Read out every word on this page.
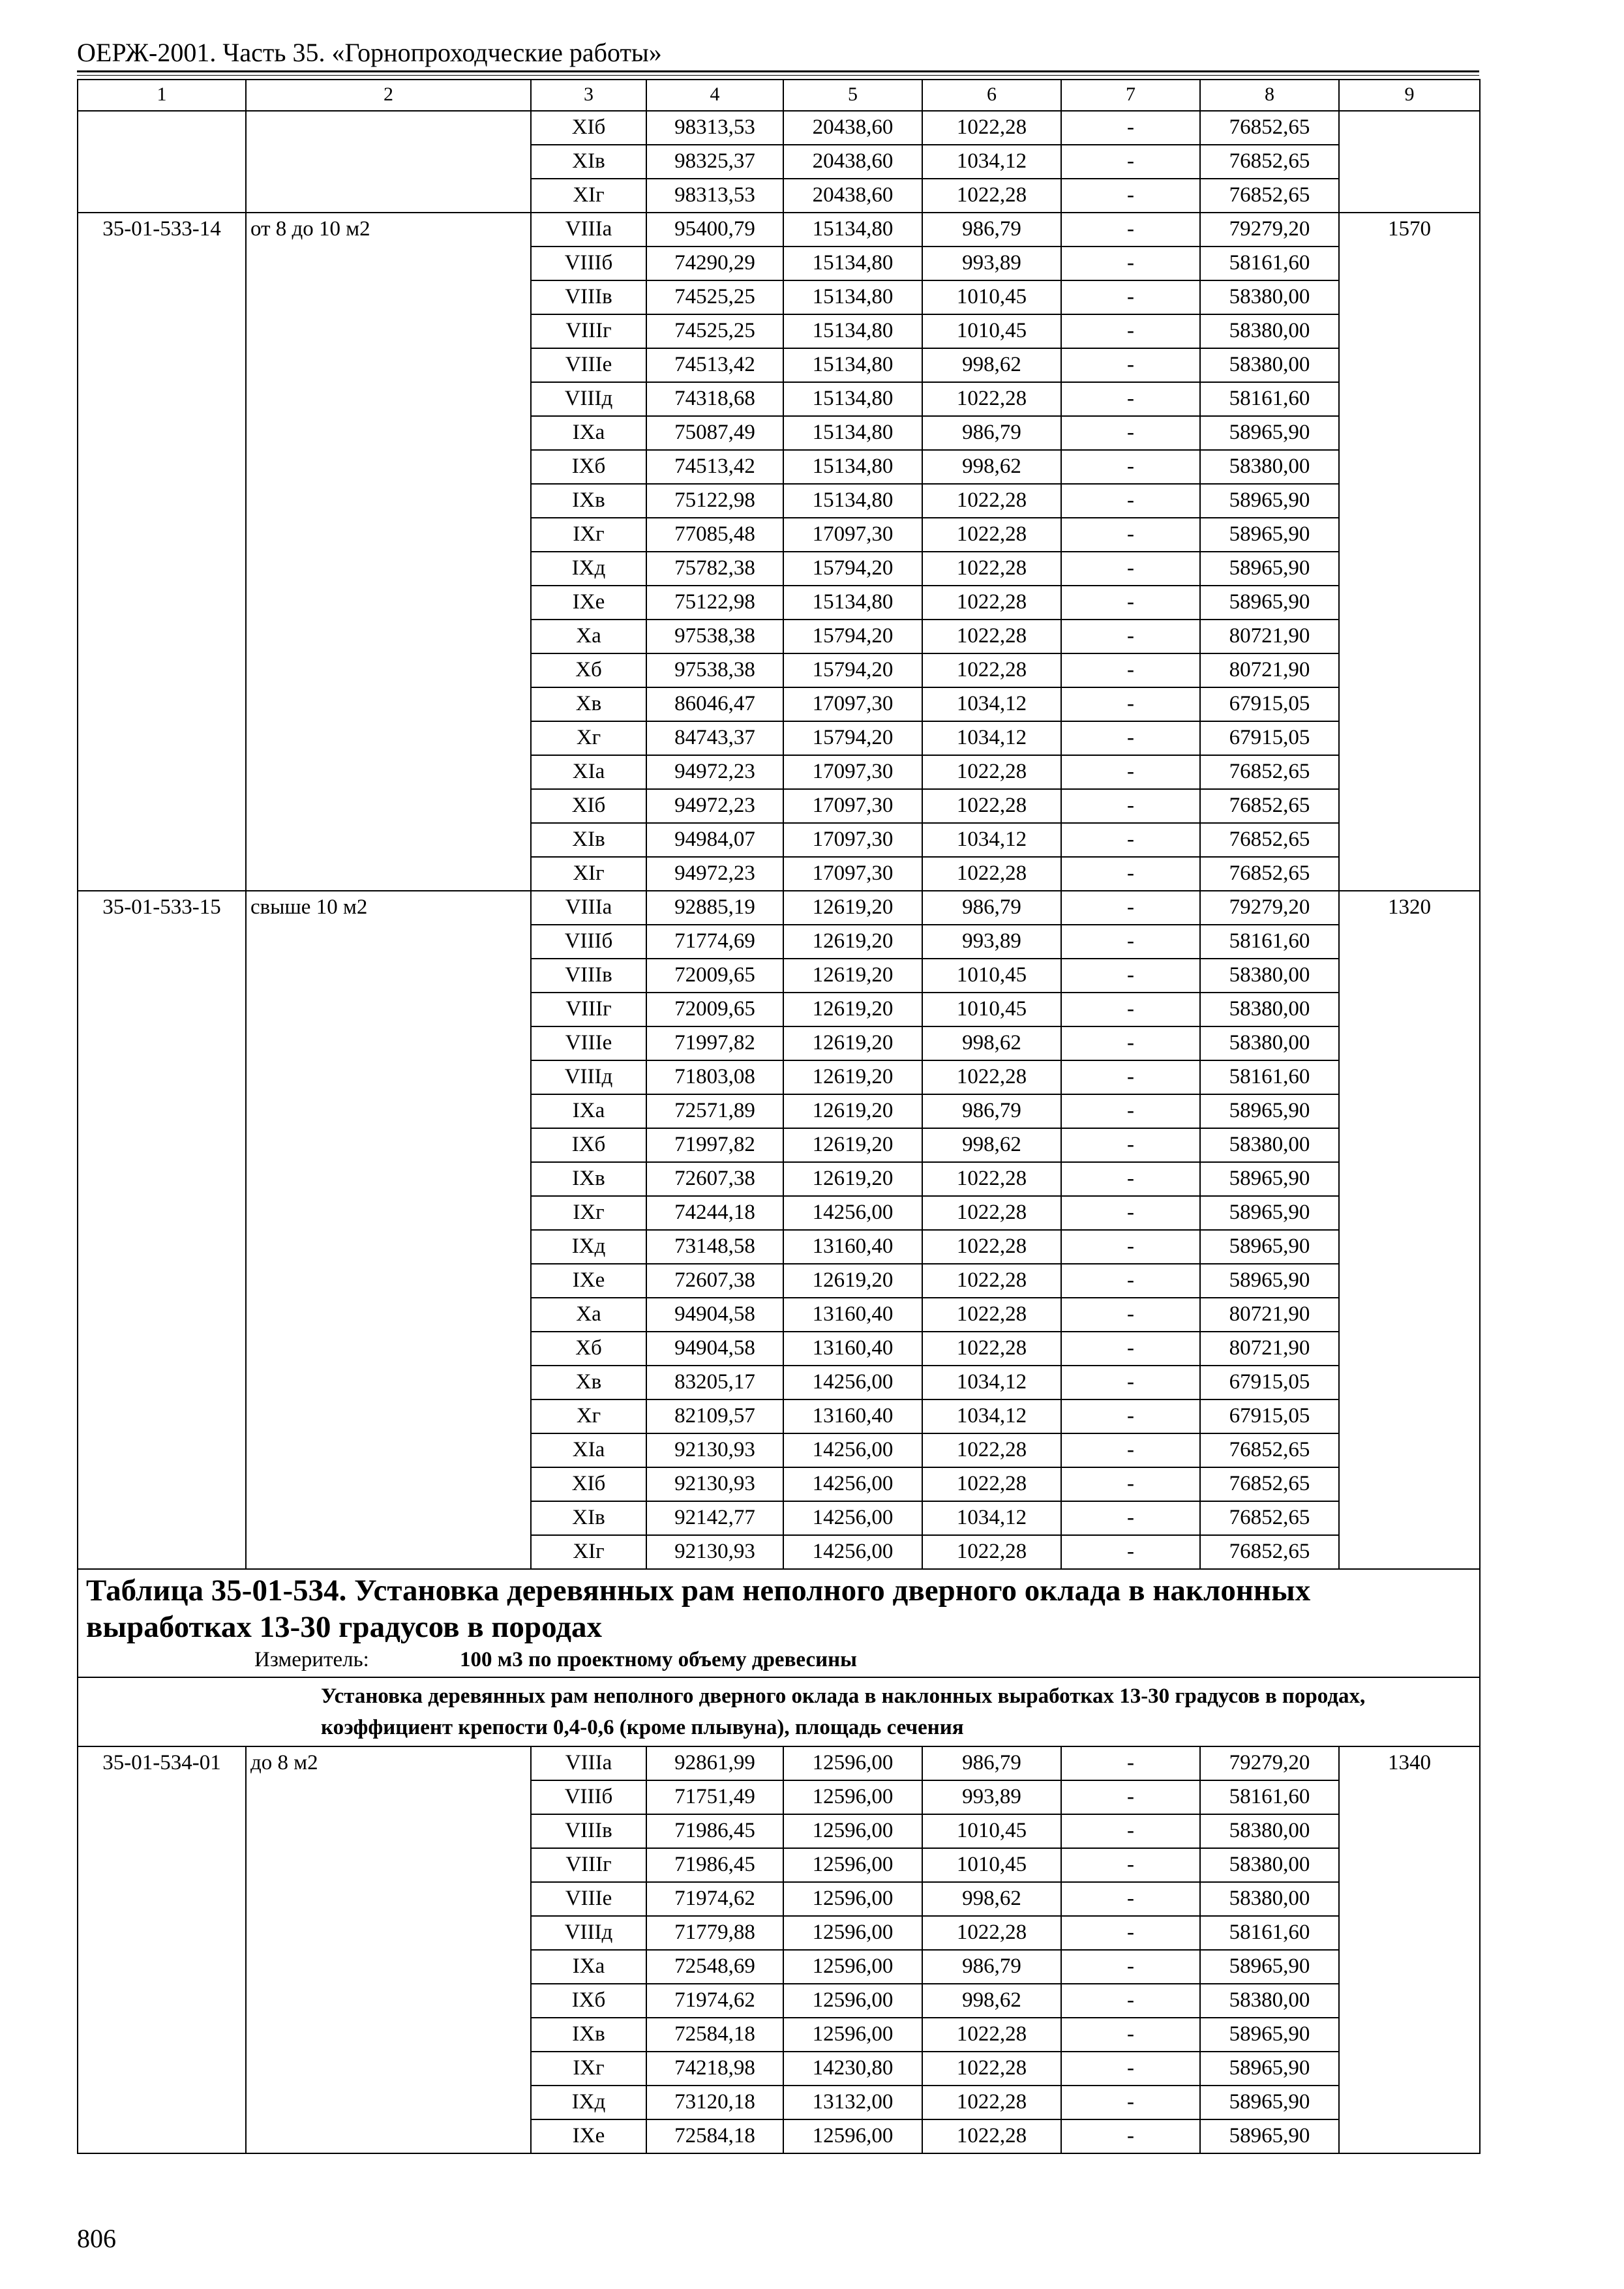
ОЕРЖ-2001. Часть 35. «Горнопроходческие работы»
1	2	3	4	5	6	7	8	9
		XIб	98313,53	20438,60	1022,28	-	76852,65	
		XIв	98325,37	20438,60	1034,12	-	76852,65	
		XIг	98313,53	20438,60	1022,28	-	76852,65	
35-01-533-14	от 8 до 10 м2	VIIIа	95400,79	15134,80	986,79	-	79279,20	1570
		VIIIб	74290,29	15134,80	993,89	-	58161,60	
		VIIIв	74525,25	15134,80	1010,45	-	58380,00	
		VIIIг	74525,25	15134,80	1010,45	-	58380,00	
		VIIIе	74513,42	15134,80	998,62	-	58380,00	
		VIIIд	74318,68	15134,80	1022,28	-	58161,60	
		IXа	75087,49	15134,80	986,79	-	58965,90	
		IXб	74513,42	15134,80	998,62	-	58380,00	
		IXв	75122,98	15134,80	1022,28	-	58965,90	
		IXг	77085,48	17097,30	1022,28	-	58965,90	
		IXд	75782,38	15794,20	1022,28	-	58965,90	
		IXе	75122,98	15134,80	1022,28	-	58965,90	
		Xа	97538,38	15794,20	1022,28	-	80721,90	
		Xб	97538,38	15794,20	1022,28	-	80721,90	
		Xв	86046,47	17097,30	1034,12	-	67915,05	
		Xг	84743,37	15794,20	1034,12	-	67915,05	
		XIа	94972,23	17097,30	1022,28	-	76852,65	
		XIб	94972,23	17097,30	1022,28	-	76852,65	
		XIв	94984,07	17097,30	1034,12	-	76852,65	
		XIг	94972,23	17097,30	1022,28	-	76852,65	
35-01-533-15	свыше 10 м2	VIIIа	92885,19	12619,20	986,79	-	79279,20	1320
		VIIIб	71774,69	12619,20	993,89	-	58161,60	
		VIIIв	72009,65	12619,20	1010,45	-	58380,00	
		VIIIг	72009,65	12619,20	1010,45	-	58380,00	
		VIIIе	71997,82	12619,20	998,62	-	58380,00	
		VIIIд	71803,08	12619,20	1022,28	-	58161,60	
		IXа	72571,89	12619,20	986,79	-	58965,90	
		IXб	71997,82	12619,20	998,62	-	58380,00	
		IXв	72607,38	12619,20	1022,28	-	58965,90	
		IXг	74244,18	14256,00	1022,28	-	58965,90	
		IXд	73148,58	13160,40	1022,28	-	58965,90	
		IXе	72607,38	12619,20	1022,28	-	58965,90	
		Xа	94904,58	13160,40	1022,28	-	80721,90	
		Xб	94904,58	13160,40	1022,28	-	80721,90	
		Xв	83205,17	14256,00	1034,12	-	67915,05	
		Xг	82109,57	13160,40	1034,12	-	67915,05	
		XIа	92130,93	14256,00	1022,28	-	76852,65	
		XIб	92130,93	14256,00	1022,28	-	76852,65	
		XIв	92142,77	14256,00	1034,12	-	76852,65	
		XIг	92130,93	14256,00	1022,28	-	76852,65	

Таблица 35-01-534. Установка деревянных рам неполного дверного оклада в наклонных выработках 13-30 градусов в породах
Измеритель: 100 м3 по проектному объему древесины								

Установка деревянных рам неполного дверного оклада в наклонных выработках 13-30 градусов в породах, коэффициент крепости 0,4-0,6 (кроме плывуна), площадь сечения								
35-01-534-01	до 8 м2	VIIIа	92861,99	12596,00	986,79	-	79279,20	1340
		VIIIб	71751,49	12596,00	993,89	-	58161,60	
		VIIIв	71986,45	12596,00	1010,45	-	58380,00	
		VIIIг	71986,45	12596,00	1010,45	-	58380,00	
		VIIIе	71974,62	12596,00	998,62	-	58380,00	
		VIIIд	71779,88	12596,00	1022,28	-	58161,60	
		IXа	72548,69	12596,00	986,79	-	58965,90	
		IXб	71974,62	12596,00	998,62	-	58380,00	
		IXв	72584,18	12596,00	1022,28	-	58965,90	
		IXг	74218,98	14230,80	1022,28	-	58965,90	
		IXд	73120,18	13132,00	1022,28	-	58965,90	
		IXе	72584,18	12596,00	1022,28	-	58965,90	
806
